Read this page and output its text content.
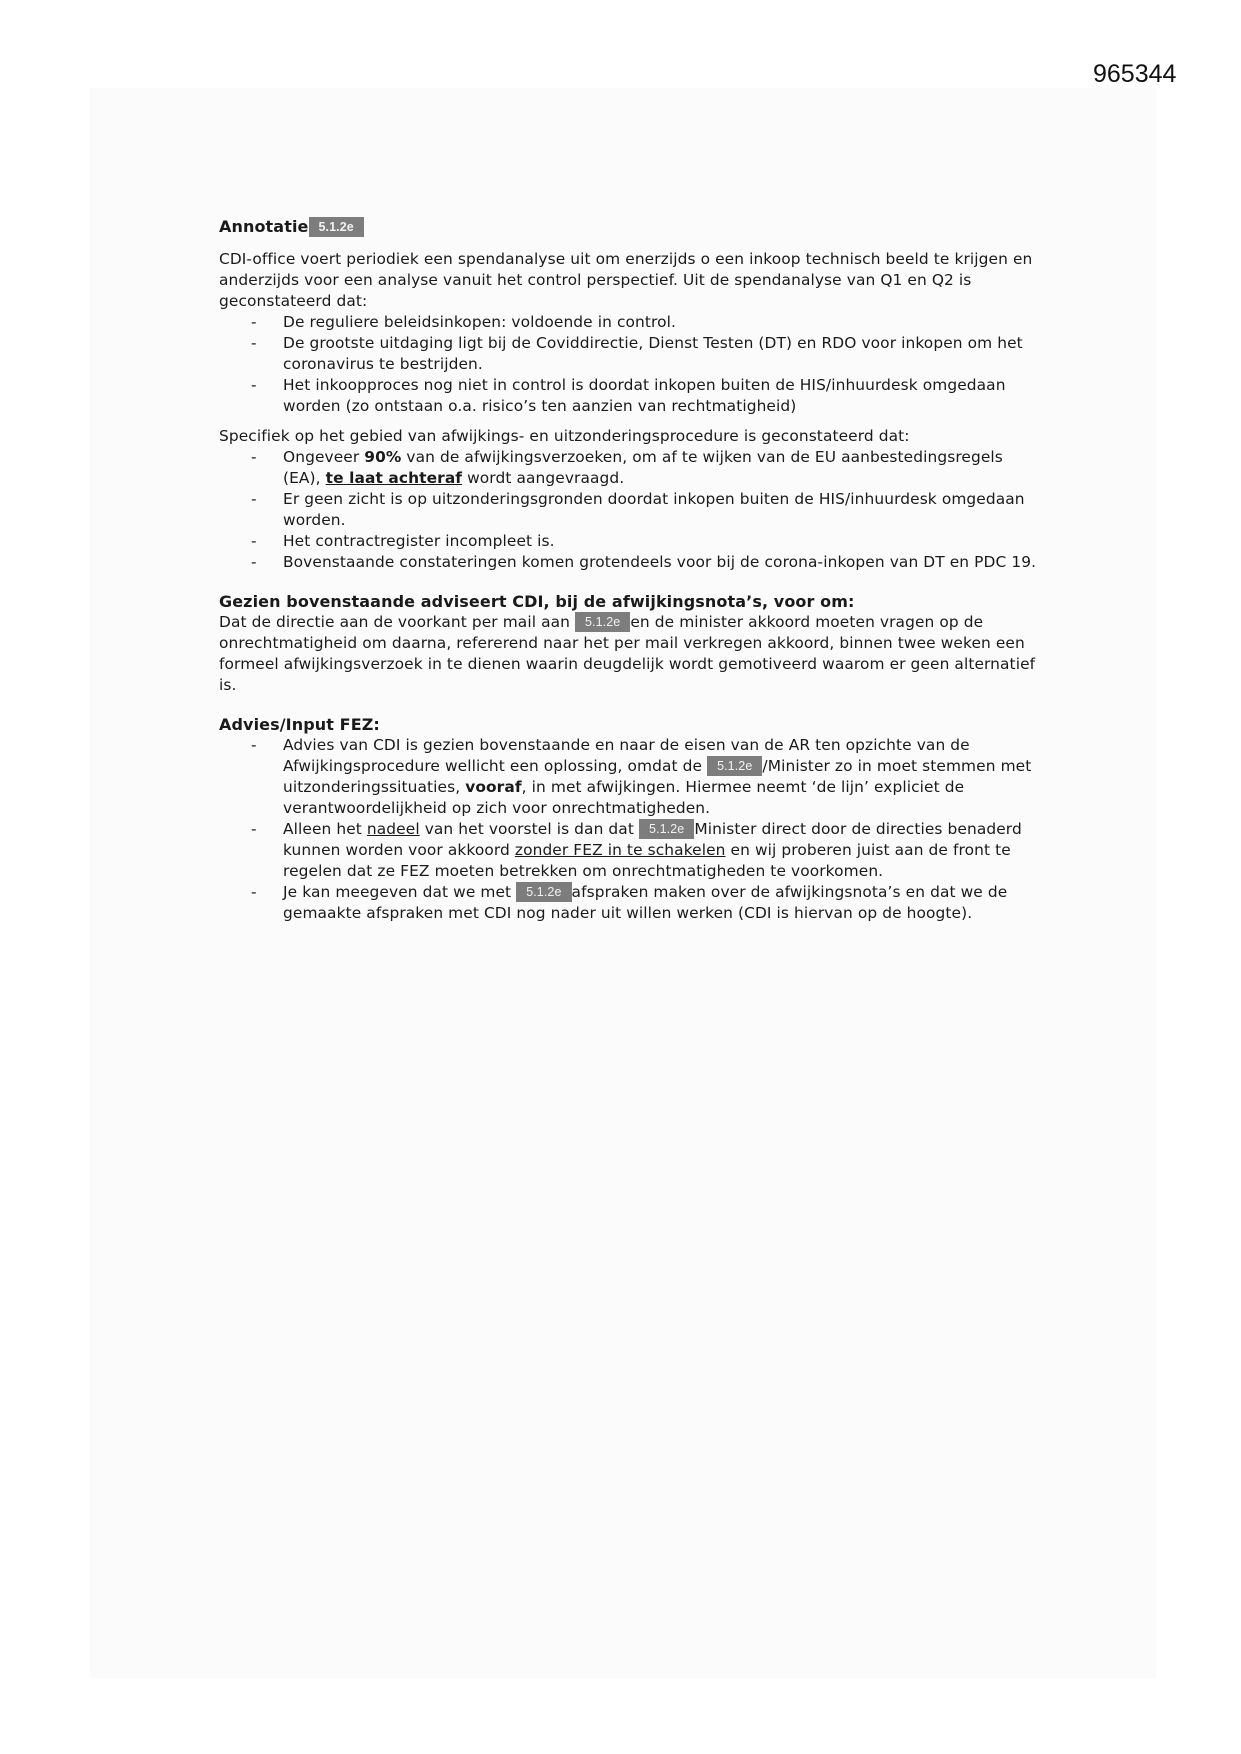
965344
Annotatie 5.1.2e

CDI-office voert periodiek een spendanalyse uit om enerzijds o een inkoop technisch beeld te krijgen en anderzijds voor een analyse vanuit het control perspectief. Uit de spendanalyse van Q1 en Q2 is geconstateerd dat:

- De reguliere beleidsinkopen: voldoende in control.
- De grootste uitdaging ligt bij de Coviddirectie, Dienst Testen (DT) en RDO voor inkopen om het coronavirus te bestrijden.
- Het inkoopproces nog niet in control is doordat inkopen buiten de HIS/inhuurdesk omgedaan worden (zo ontstaan o.a. risico’s ten aanzien van rechtmatigheid)

Specifiek op het gebied van afwijkings- en uitzonderingsprocedure is geconstateerd dat:

- Ongeveer 90% van de afwijkingsverzoeken, om af te wijken van de EU aanbestedingsregels (EA), te laat achteraf wordt aangevraagd.
- Er geen zicht is op uitzonderingsgronden doordat inkopen buiten de HIS/inhuurdesk omgedaan worden.
- Het contractregister incompleet is.
- Bovenstaande constateringen komen grotendeels voor bij de corona-inkopen van DT en PDC 19.

Gezien bovenstaande adviseert CDI, bij de afwijkingsnota’s, voor om:

Dat de directie aan de voorkant per mail aan 5.1.2e en de minister akkoord moeten vragen op de onrechtmatigheid om daarna, refererend naar het per mail verkregen akkoord, binnen twee weken een formeel afwijkingsverzoek in te dienen waarin deugdelijk wordt gemotiveerd waarom er geen alternatief is.

Advies/Input FEZ:

- Advies van CDI is gezien bovenstaande en naar de eisen van de AR ten opzichte van de Afwijkingsprocedure wellicht een oplossing, omdat de 5.1.2e /Minister zo in moet stemmen met uitzonderingssituaties, vooraf, in met afwijkingen. Hiermee neemt ‘de lijn’ expliciet de verantwoordelijkheid op zich voor onrechtmatigheden.
- Alleen het nadeel van het voorstel is dan dat 5.1.2e Minister direct door de directies benaderd kunnen worden voor akkoord zonder FEZ in te schakelen en wij proberen juist aan de front te regelen dat ze FEZ moeten betrekken om onrechtmatigheden te voorkomen.
- Je kan meegeven dat we met 5.1.2e afspraken maken over de afwijkingsnota’s en dat we de gemaakte afspraken met CDI nog nader uit willen werken (CDI is hiervan op de hoogte).
